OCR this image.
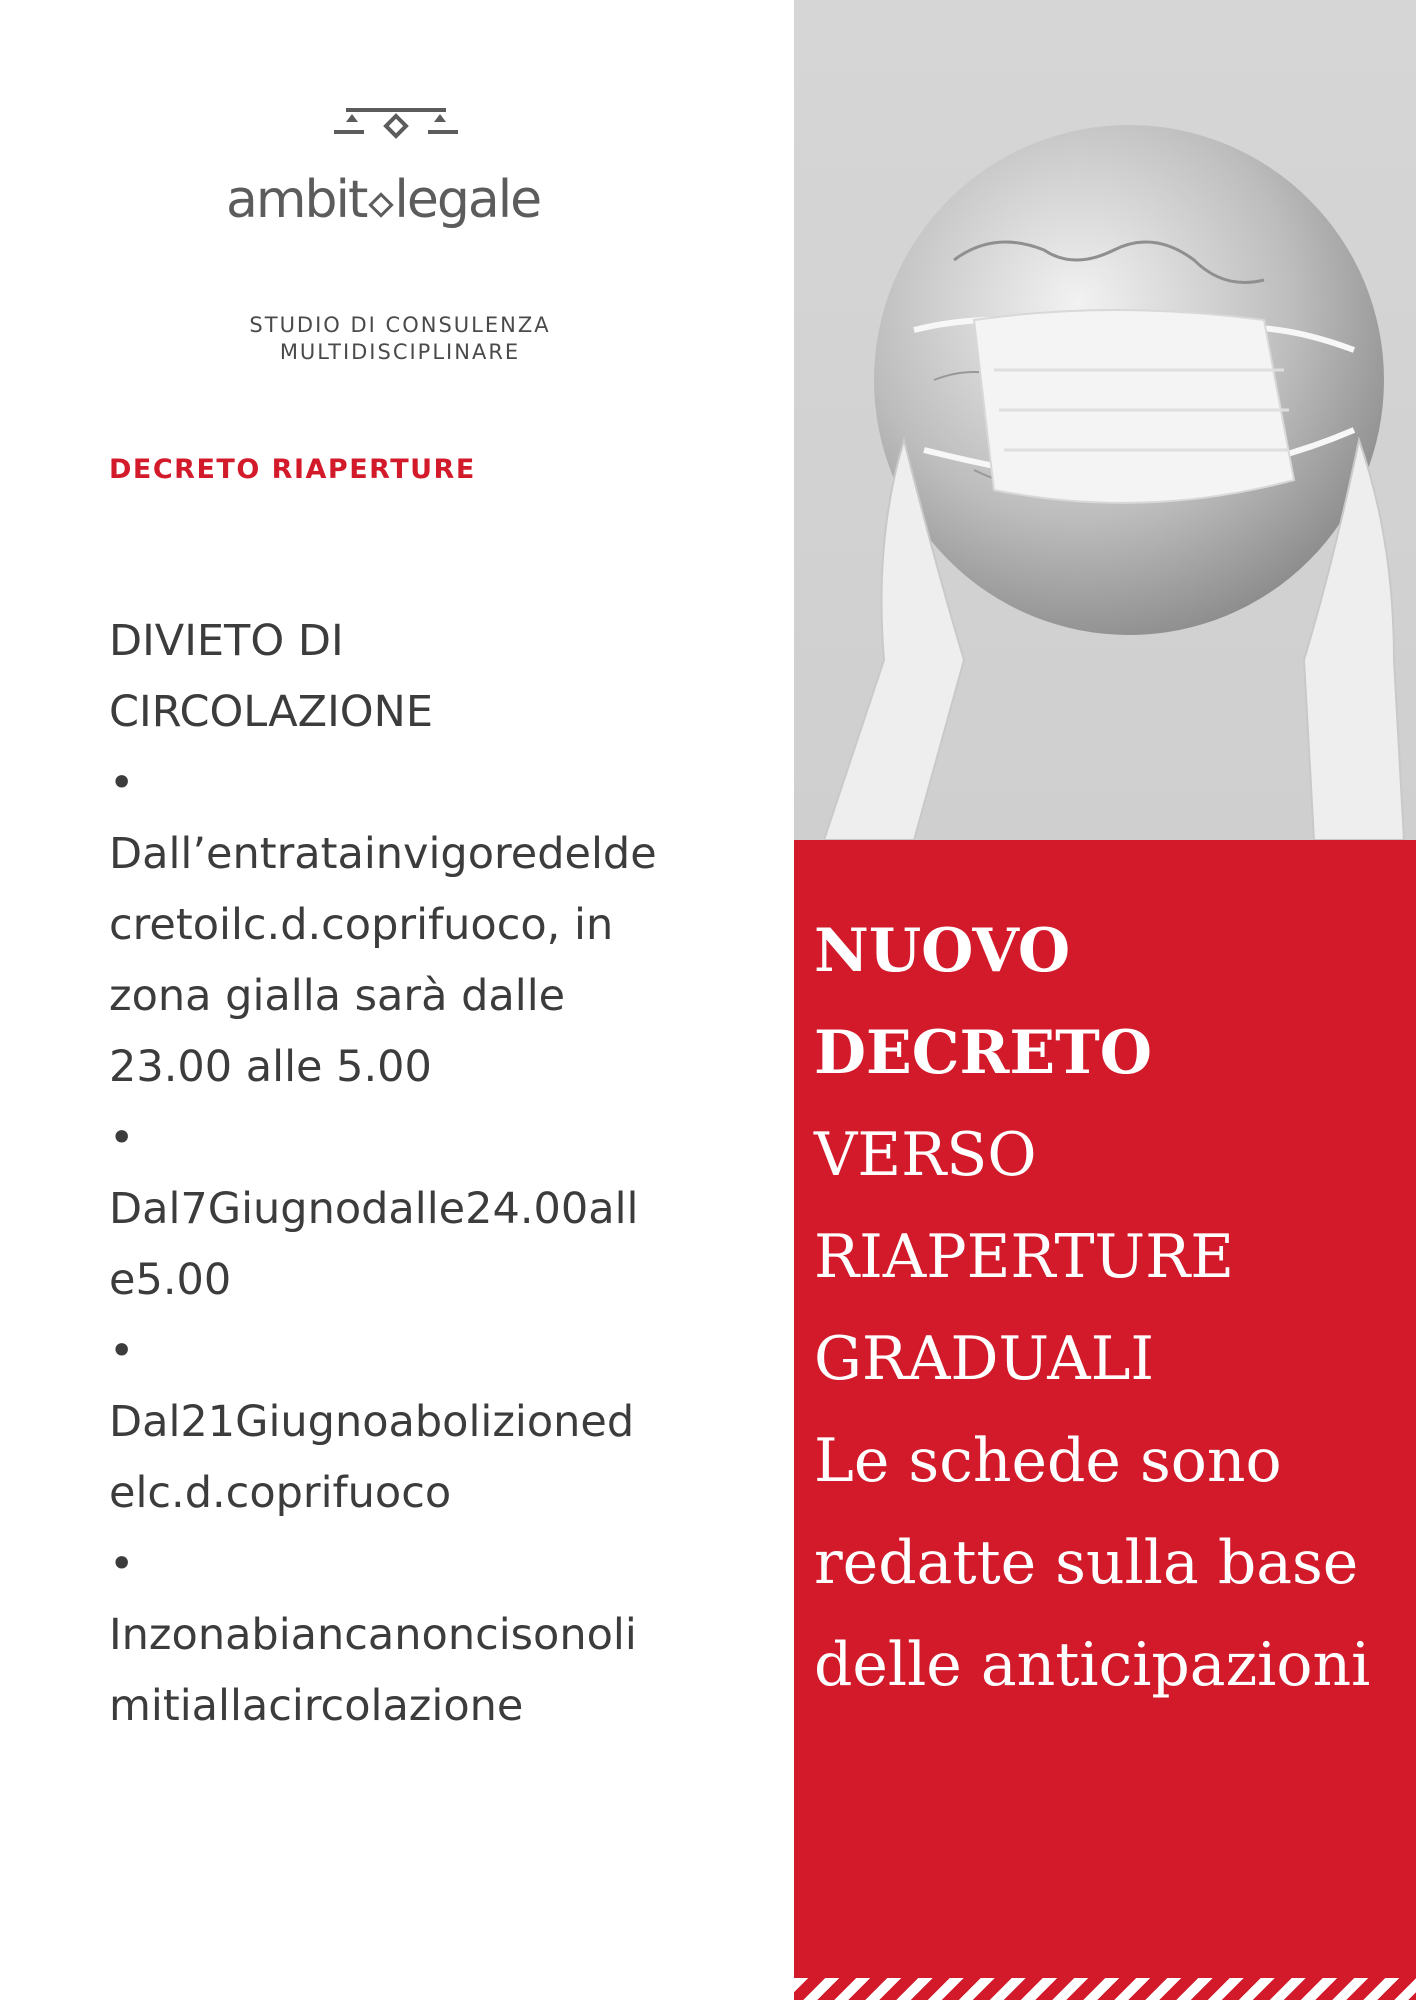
ambit legale
STUDIO DI CONSULENZA
MULTIDISCIPLINARE
DECRETO RIAPERTURE
DIVIETO DI
CIRCOLAZIONE
•
Dall’entratainvigoredelde
cretoilc.d.coprifuoco, in
zona gialla sarà dalle
23.00 alle 5.00
•
Dal7Giugnodalle24.00all
e5.00
•
Dal21Giugnoabolizioned
elc.d.coprifuoco
•
Inzonabiancanoncisonoli
mitiallacircolazione
NUOVO
DECRETO
VERSO
RIAPERTURE
GRADUALI
Le schede sono
redatte sulla base
delle anticipazioni
